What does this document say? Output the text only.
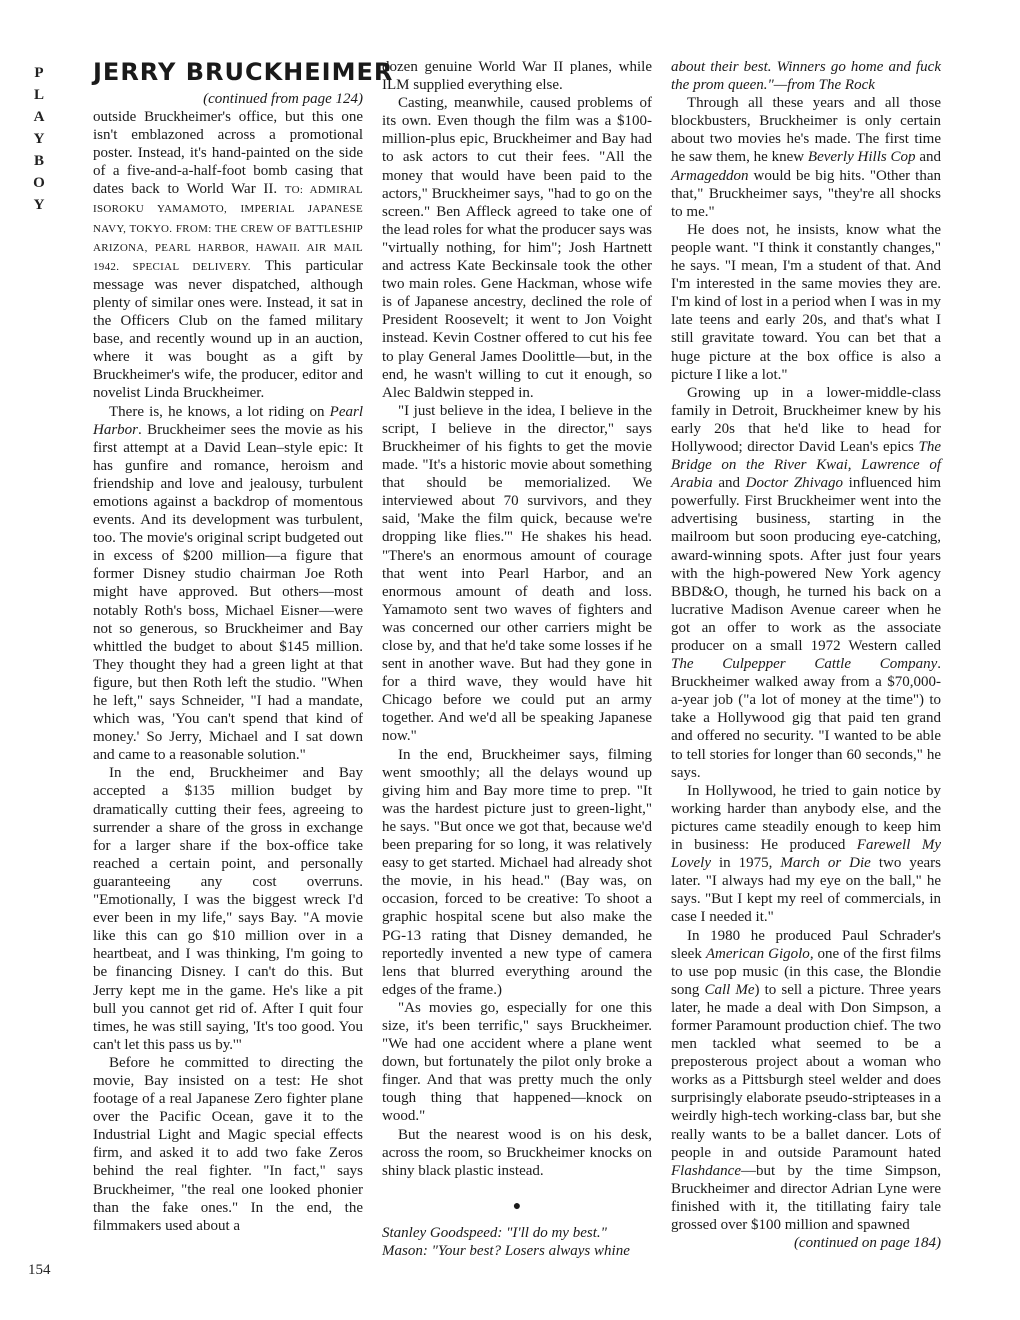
P
L
A
Y
B
O
Y
154
JERRY BRUCKHEIMER
(continued from page 124)

outside Bruckheimer's office, but this one isn't emblazoned across a promotional poster. Instead, it's hand-painted on the side of a five-and-a-half-foot bomb casing that dates back to World War II. TO: ADMIRAL ISOROKU YAMAMOTO, IMPERIAL JAPANESE NAVY, TOKYO. FROM: THE CREW OF BATTLESHIP ARIZONA, PEARL HARBOR, HAWAII. AIR MAIL 1942. SPECIAL DELIVERY. This particular message was never dispatched, although plenty of similar ones were. Instead, it sat in the Officers Club on the famed military base, and recently wound up in an auction, where it was bought as a gift by Bruckheimer's wife, the producer, editor and novelist Linda Bruckheimer.

There is, he knows, a lot riding on Pearl Harbor. Bruckheimer sees the movie as his first attempt at a David Lean–style epic: It has gunfire and romance, heroism and friendship and love and jealousy, turbulent emotions against a backdrop of momentous events. And its development was turbulent, too. The movie's original script budgeted out in excess of $200 million—a figure that former Disney studio chairman Joe Roth might have approved. But others—most notably Roth's boss, Michael Eisner—were not so generous, so Bruckheimer and Bay whittled the budget to about $145 million. They thought they had a green light at that figure, but then Roth left the studio. "When he left," says Schneider, "I had a mandate, which was, 'You can't spend that kind of money.' So Jerry, Michael and I sat down and came to a reasonable solution."

In the end, Bruckheimer and Bay accepted a $135 million budget by dramatically cutting their fees, agreeing to surrender a share of the gross in exchange for a larger share if the box-office take reached a certain point, and personally guaranteeing any cost overruns. "Emotionally, I was the biggest wreck I'd ever been in my life," says Bay. "A movie like this can go $10 million over in a heartbeat, and I was thinking, I'm going to be financing Disney. I can't do this. But Jerry kept me in the game. He's like a pit bull you cannot get rid of. After I quit four times, he was still saying, 'It's too good. You can't let this pass us by.'"

Before he committed to directing the movie, Bay insisted on a test: He shot footage of a real Japanese Zero fighter plane over the Pacific Ocean, gave it to the Industrial Light and Magic special effects firm, and asked it to add two fake Zeros behind the real fighter. "In fact," says Bruckheimer, "the real one looked phonier than the fake ones." In the end, the filmmakers used about a

dozen genuine World War II planes, while ILM supplied everything else.

Casting, meanwhile, caused problems of its own. Even though the film was a $100-million-plus epic, Bruckheimer and Bay had to ask actors to cut their fees. "All the money that would have been paid to the actors," Bruckheimer says, "had to go on the screen." Ben Affleck agreed to take one of the lead roles for what the producer says was "virtually nothing, for him"; Josh Hartnett and actress Kate Beckinsale took the other two main roles. Gene Hackman, whose wife is of Japanese ancestry, declined the role of President Roosevelt; it went to Jon Voight instead. Kevin Costner offered to cut his fee to play General James Doolittle—but, in the end, he wasn't willing to cut it enough, so Alec Baldwin stepped in.

"I just believe in the idea, I believe in the script, I believe in the director," says Bruckheimer of his fights to get the movie made. "It's a historic movie about something that should be memorialized. We interviewed about 70 survivors, and they said, 'Make the film quick, because we're dropping like flies.'" He shakes his head. "There's an enormous amount of courage that went into Pearl Harbor, and an enormous amount of death and loss. Yamamoto sent two waves of fighters and was concerned our other carriers might be close by, and that he'd take some losses if he sent in another wave. But had they gone in for a third wave, they would have hit Chicago before we could put an army together. And we'd all be speaking Japanese now."

In the end, Bruckheimer says, filming went smoothly; all the delays wound up giving him and Bay more time to prep. "It was the hardest picture just to green-light," he says. "But once we got that, because we'd been preparing for so long, it was relatively easy to get started. Michael had already shot the movie, in his head." (Bay was, on occasion, forced to be creative: To shoot a graphic hospital scene but also make the PG-13 rating that Disney demanded, he reportedly invented a new type of camera lens that blurred everything around the edges of the frame.)

"As movies go, especially for one this size, it's been terrific," says Bruckheimer. "We had one accident where a plane went down, but fortunately the pilot only broke a finger. And that was pretty much the only tough thing that happened—knock on wood."

But the nearest wood is on his desk, across the room, so Bruckheimer knocks on shiny black plastic instead.

●

Stanley Goodspeed: "I'll do my best."

Mason: "Your best? Losers always whine

about their best. Winners go home and fuck the prom queen."—from The Rock

Through all these years and all those blockbusters, Bruckheimer is only certain about two movies he's made. The first time he saw them, he knew Beverly Hills Cop and Armageddon would be big hits. "Other than that," Bruckheimer says, "they're all shocks to me."

He does not, he insists, know what the people want. "I think it constantly changes," he says. "I mean, I'm a student of that. And I'm interested in the same movies they are. I'm kind of lost in a period when I was in my late teens and early 20s, and that's what I still gravitate toward. You can bet that a huge picture at the box office is also a picture I like a lot."

Growing up in a lower-middle-class family in Detroit, Bruckheimer knew by his early 20s that he'd like to head for Hollywood; director David Lean's epics The Bridge on the River Kwai, Lawrence of Arabia and Doctor Zhivago influenced him powerfully. First Bruckheimer went into the advertising business, starting in the mailroom but soon producing eye-catching, award-winning spots. After just four years with the high-powered New York agency BBD&O, though, he turned his back on a lucrative Madison Avenue career when he got an offer to work as the associate producer on a small 1972 Western called The Culpepper Cattle Company. Bruckheimer walked away from a $70,000-a-year job ("a lot of money at the time") to take a Hollywood gig that paid ten grand and offered no security. "I wanted to be able to tell stories for longer than 60 seconds," he says.

In Hollywood, he tried to gain notice by working harder than anybody else, and the pictures came steadily enough to keep him in business: He produced Farewell My Lovely in 1975, March or Die two years later. "I always had my eye on the ball," he says. "But I kept my reel of commercials, in case I needed it."

In 1980 he produced Paul Schrader's sleek American Gigolo, one of the first films to use pop music (in this case, the Blondie song Call Me) to sell a picture. Three years later, he made a deal with Don Simpson, a former Paramount production chief. The two men tackled what seemed to be a preposterous project about a woman who works as a Pittsburgh steel welder and does surprisingly elaborate pseudo-stripteases in a weirdly high-tech working-class bar, but she really wants to be a ballet dancer. Lots of people in and outside Paramount hated Flashdance—but by the time Simpson, Bruckheimer and director Adrian Lyne were finished with it, the titillating fairy tale grossed over $100 million and spawned

(continued on page 184)
